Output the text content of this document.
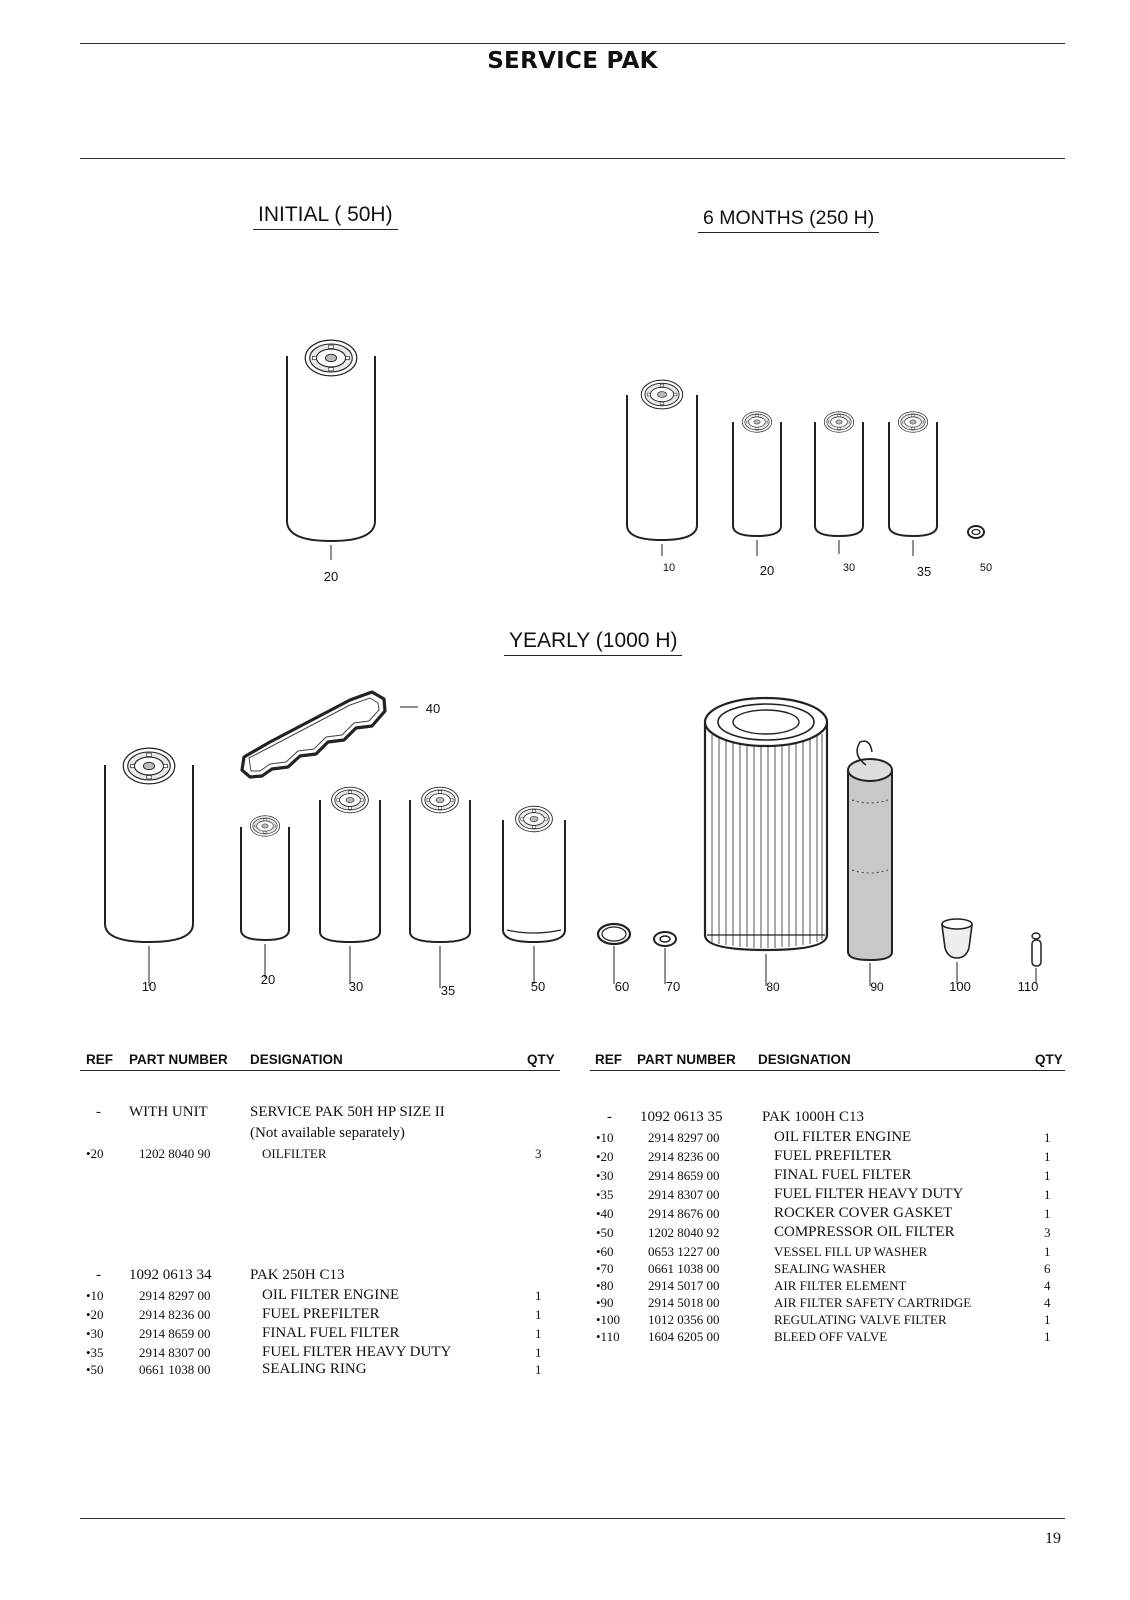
SERVICE PAK
INITIAL ( 50H)	6 MONTHS (250 H)
YEARLY (1000 H)
20
10	20	30	35	50
10	20	30	35	50	60	70	80	90	100	110
40
REF PART NUMBER DESIGNATION	QTY	REF PART NUMBER DESIGNATION	QTY
- WITH UNIT	SERVICE PAK 50H HP SIZE II
(Not available separately)
•20	1202 8040 90	OILFILTER	3
- 1092 0613 34	PAK 250H C13
•10	2914 8297 00	OIL FILTER ENGINE	1
•20	2914 8236 00	FUEL PREFILTER	1
•30	2914 8659 00	FINAL FUEL FILTER	1
•35	2914 8307 00	FUEL FILTER HEAVY DUTY	1
•50	0661 1038 00	SEALING RING	1
- 1092 0613 35	PAK 1000H C13
•10	2914 8297 00	OIL FILTER ENGINE	1
•20	2914 8236 00	FUEL PREFILTER	1
•30	2914 8659 00	FINAL FUEL FILTER	1
•35	2914 8307 00	FUEL FILTER HEAVY DUTY	1
•40	2914 8676 00	ROCKER COVER GASKET	1
•50	1202 8040 92	COMPRESSOR OIL FILTER	3
•60	0653 1227 00	VESSEL FILL UP WASHER	1
•70	0661 1038 00	SEALING WASHER	6
•80	2914 5017 00	AIR FILTER ELEMENT	4
•90	2914 5018 00	AIR FILTER SAFETY CARTRIDGE	4
•100 1012 0356 00	REGULATING VALVE FILTER	1
•110 1604 6205 00	BLEED OFF VALVE	1
19
